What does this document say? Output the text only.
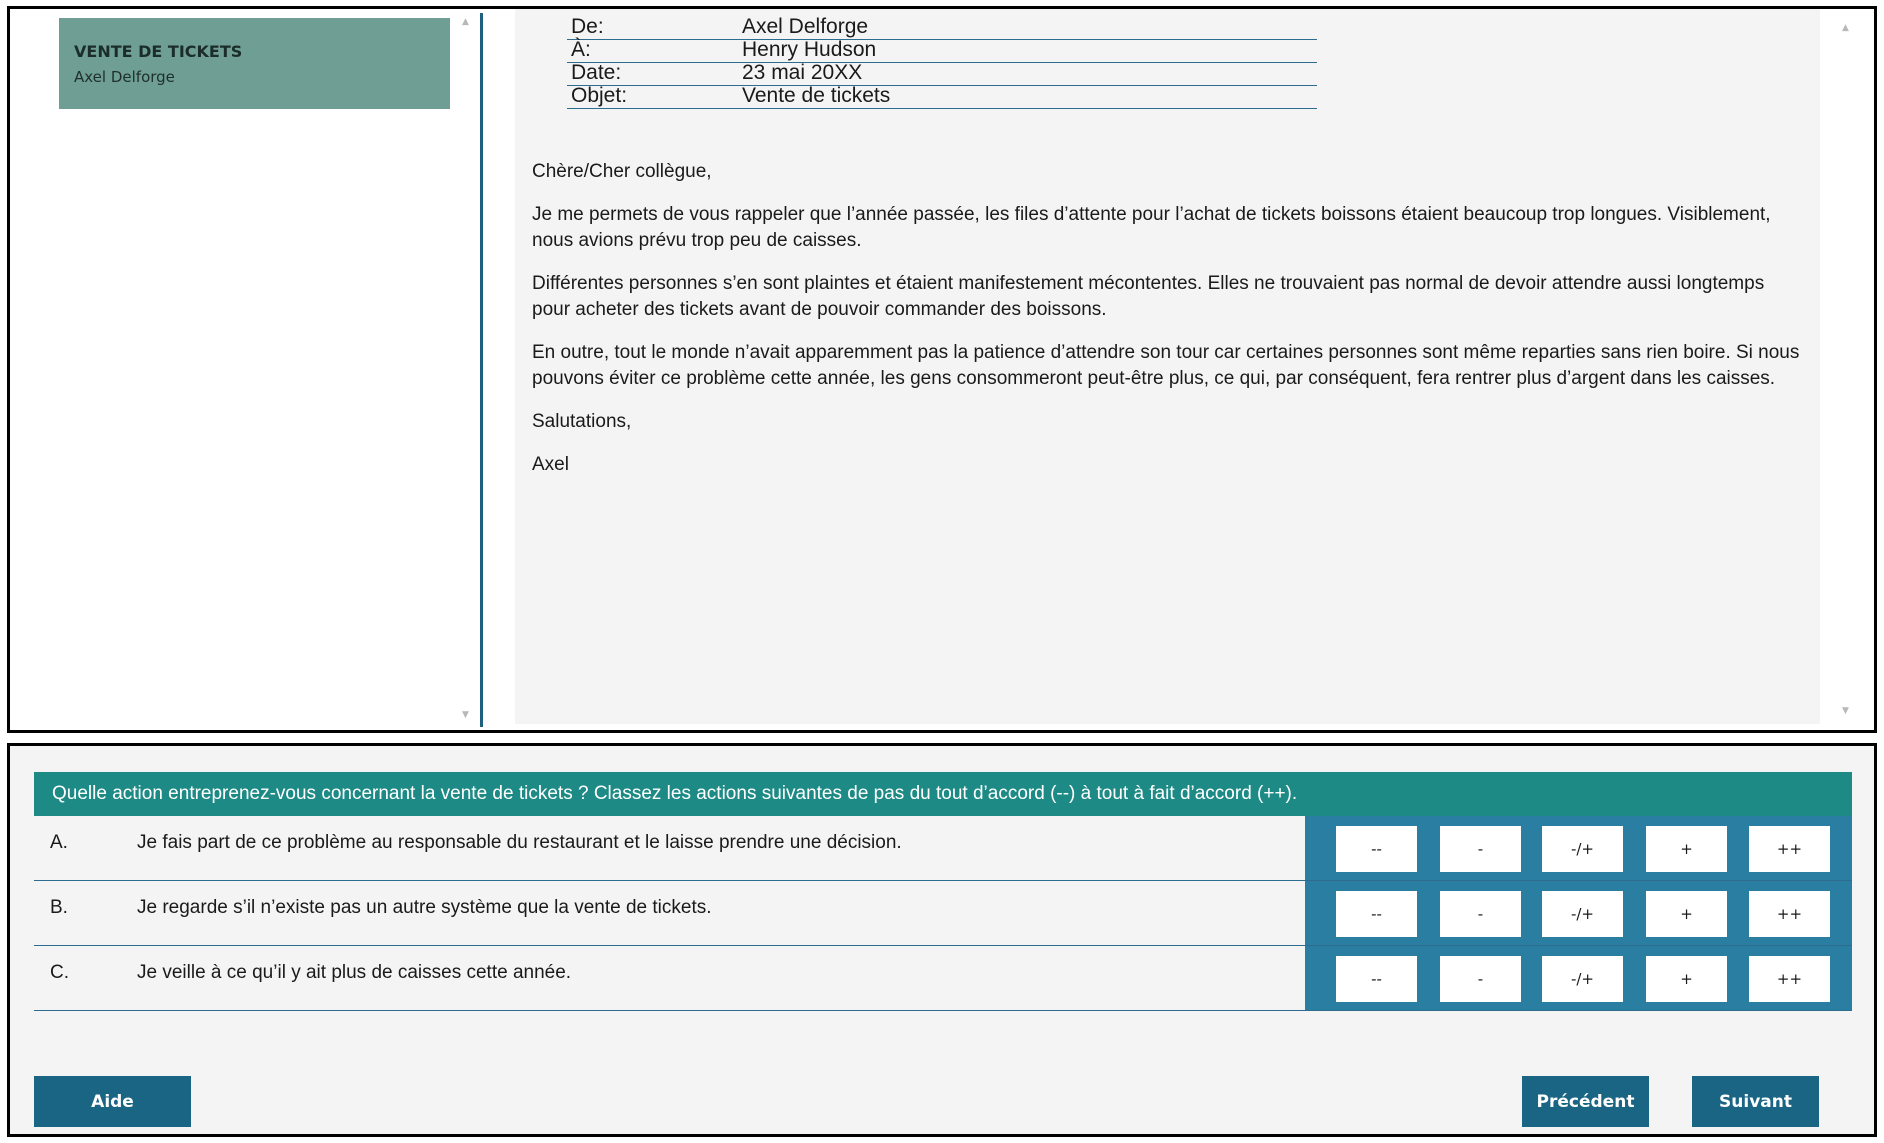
VENTE DE TICKETS
Axel Delforge
▲
▼
De:	Axel Delforge
À:	Henry Hudson
Date:	23 mai 20XX
Objet:	Vente de tickets

Chère/Cher collègue,

Je me permets de vous rappeler que l’année passée, les files d’attente pour l’achat de tickets boissons étaient beaucoup trop longues. Visiblement, nous avions prévu trop peu de caisses.

Différentes personnes s’en sont plaintes et étaient manifestement mécontentes. Elles ne trouvaient pas normal de devoir attendre aussi longtemps pour acheter des tickets avant de pouvoir commander des boissons.

En outre, tout le monde n’avait apparemment pas la patience d’attendre son tour car certaines personnes sont même reparties sans rien boire. Si nous pouvons éviter ce problème cette année, les gens consommeront peut-être plus, ce qui, par conséquent, fera rentrer plus d’argent dans les caisses.

Salutations,

Axel

▲
▼
Quelle action entreprenez-vous concernant la vente de tickets ? Classez les actions suivantes de pas du tout d’accord (--) à tout à fait d’accord (++).
A.	Je fais part de ce problème au responsable du restaurant et le laisse prendre une décision.	--	-	-/+	+	++
B.	Je regarde s’il n’existe pas un autre système que la vente de tickets.	--	-	-/+	+	++
C.	Je veille à ce qu’il y ait plus de caisses cette année.	--	-	-/+	+	++
Aide	Précédent	Suivant
